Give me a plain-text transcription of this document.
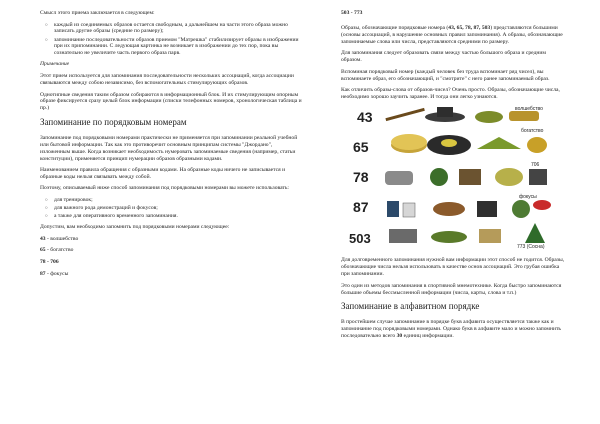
Смысл этого приема заключается в следующем:

○ каждый из соединяемых образов остается свободным, а дальнейшем на части этого образа можно записать другие образы (средние по размеру);
○ запоминание последовательности образов приемом "Матрешка" стабилизирует образы в изображении при их припоминании. С ледующая картинка не возникает в изображении до тех пор, пока вы сознательно не увеличите часть первого образа парв.

Примечание

Этот прием используется для запоминания последовательности нескольких ассоциаций, когда ассоциации связываются между собою независимо, без вспомогательных стимулирующих образов.

Однотипные сведения таким образом собираются в информационный блок. И их стимулирующим опорным образе фиксируется сразу целый блок информации (списки телефонных номеров, хронологическая таблица и пр.)

Запоминание по порядковым номерам

Запоминание под порядковыми номерами практически не применяется при запоминании реальной учебной или бытовой информации. Так как это противоречит основным принципам системы "Джордано", изложенным выше. Когда возникает необходимость нумеровать запоминаемые сведения (например, статьи конституции), применяется принцип нумерации образов образными кодами.

Наименованием правила обращения с образными кодами. На образные коды ничего не записывается и образные коды нельзя связывать между собой.

Поэтому, описываемый ниже способ запоминания под порядковыми номерами вы можете использовать:

○ для тренировок;
○ для важного рода демонстраций и фокусов;
○ а также для оперативного временного запоминания.

Допустим, вам необходимо запомнить под порядковыми номерами следующее:

43 - волшебство

65 - богатство

78 - 706

87 - фокусы

503 - 773

Образы, обозначающие порядковые номера (43, 65, 78, 87, 503) представляются большими (основы ассоциаций, в нарушение основных правил запоминания). А образы, обозначающие запоминаемые слова или числа, представляются средними по размеру.

Для запоминания следует образовать связи между частью большого образа и средним образом.

Вспоминая порядковый номер (каждый человек без труда вспоминает ряд чисел), вы вспоминаете образ, его обозначающий, и "смотрите" с него ранее запоминаемый образ.

Как отличить образы-слова от образов-чисел? Очень просто. Образы, обозначающие числа, необходимо хорошо заучить заранее. И тогда они легко узнаются.

43
65
78
87
503
волшебство
богатство
706
фокусы
773 (Сосна)

Для долговременного запоминания нужной вам информации этот способ не годится. Образы, обозначающие числа нельзя использовать в качестве основ ассоциаций. Это грубая ошибка при запоминании.

Это один из методов запоминания в спортивной мнемотехнике. Когда быстро запоминаются большие объемы бессмысленной информации (числа, карты, слова и т.п.)

Запоминание в алфавитном порядке

В простейшем случае запоминание в порядке букв алфавита осуществляется также как и запоминание под порядковыми номерами. Однако букв в алфавите мало и можно запомнить последовательно всего 30 единиц информации.
